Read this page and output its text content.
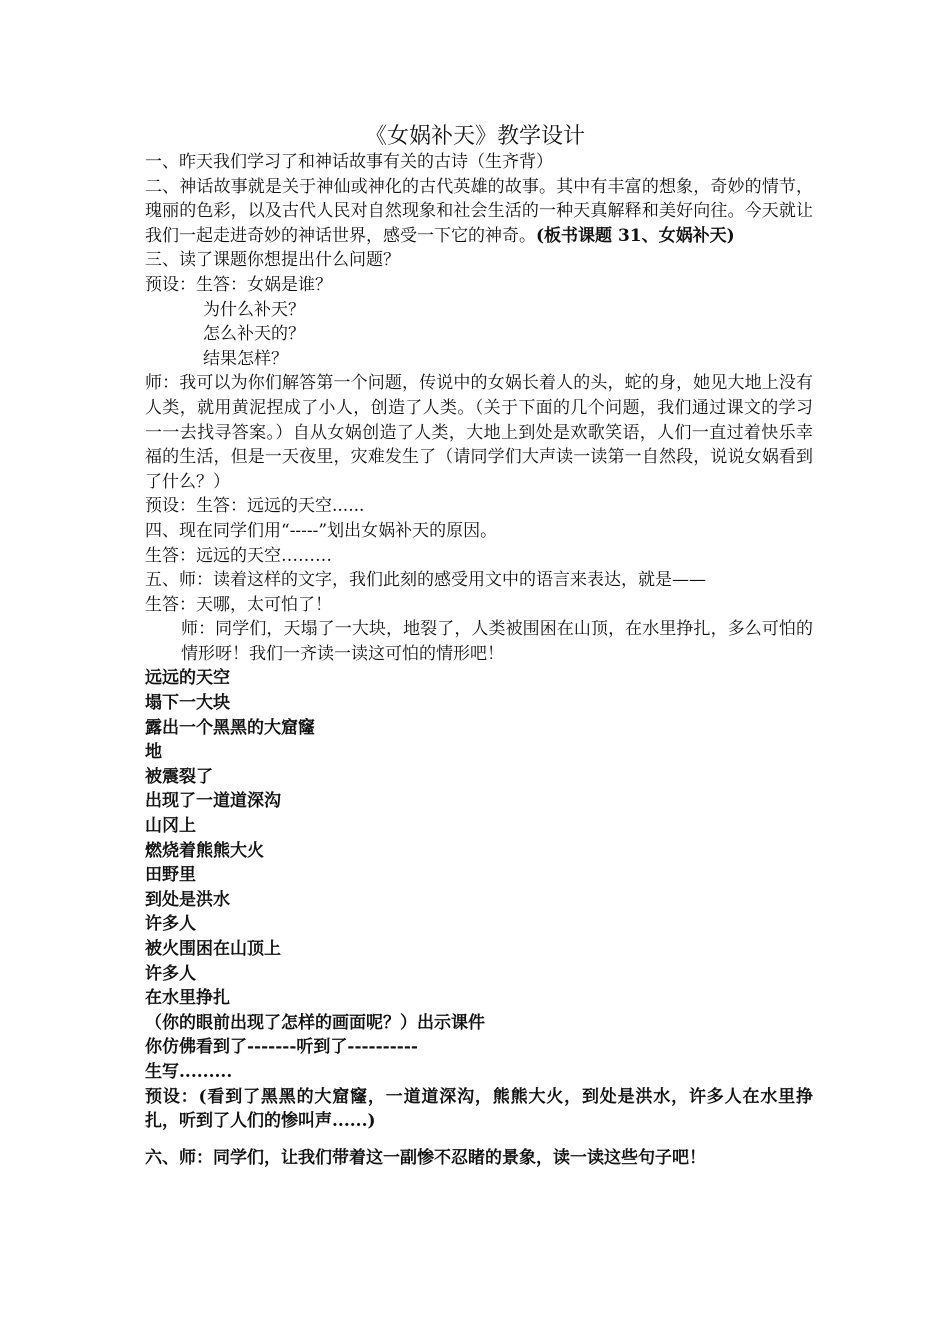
《女娲补天》教学设计
一、昨天我们学习了和神话故事有关的古诗（生齐背）
二、神话故事就是关于神仙或神化的古代英雄的故事。其中有丰富的想象，奇妙的情节，瑰丽的色彩，以及古代人民对自然现象和社会生活的一种天真解释和美好向往。今天就让我们一起走进奇妙的神话世界，感受一下它的神奇。(板书课题 31、女娲补天)
三、读了课题你想提出什么问题？
预设：生答：女娲是谁？
为什么补天？
怎么补天的？
结果怎样？
师：我可以为你们解答第一个问题，传说中的女娲长着人的头，蛇的身，她见大地上没有人类，就用黄泥捏成了小人，创造了人类。（关于下面的几个问题，我们通过课文的学习一一去找寻答案。）自从女娲创造了人类，大地上到处是欢歌笑语，人们一直过着快乐幸福的生活，但是一天夜里，灾难发生了（请同学们大声读一读第一自然段，说说女娲看到了什么？）
预设：生答：远远的天空......
四、现在同学们用“-----”划出女娲补天的原因。
生答：远远的天空………
五、师：读着这样的文字，我们此刻的感受用文中的语言来表达，就是——
生答：天哪，太可怕了！
师：同学们，天塌了一大块，地裂了，人类被围困在山顶，在水里挣扎，多么可怕的情形呀！我们一齐读一读这可怕的情形吧！
远远的天空
塌下一大块
露出一个黑黑的大窟窿
地
被震裂了
出现了一道道深沟
山冈上
燃烧着熊熊大火
田野里
到处是洪水
许多人
被火围困在山顶上
许多人
在水里挣扎
（你的眼前出现了怎样的画面呢？）出示课件
你仿佛看到了-------听到了----------
生写.........
预设：(看到了黑黑的大窟窿，一道道深沟，熊熊大火，到处是洪水，许多人在水里挣扎，听到了人们的惨叫声......)
六、师：同学们，让我们带着这一副惨不忍睹的景象，读一读这些句子吧！
